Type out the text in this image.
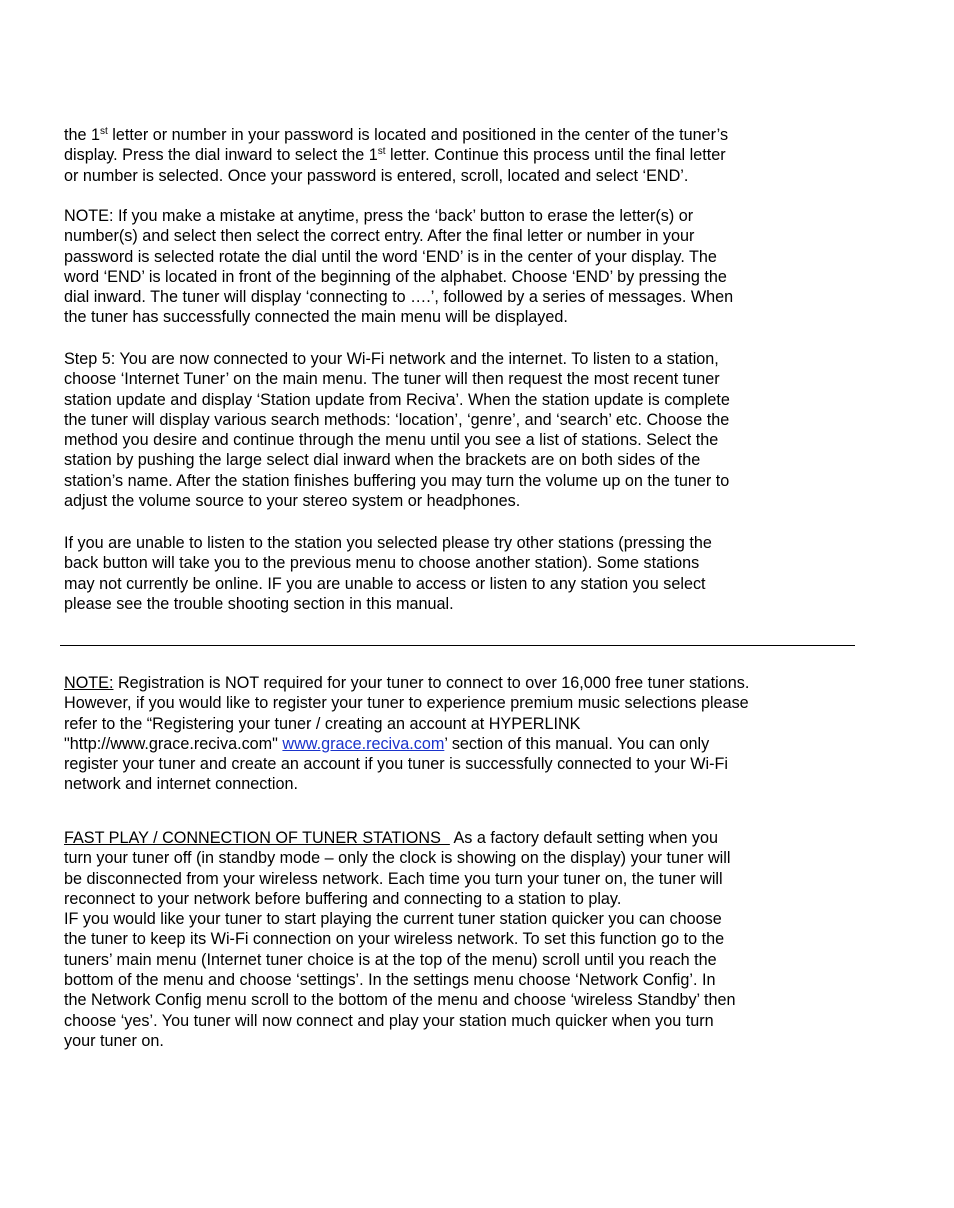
the 1st letter or number in your password is located and positioned in the center of the tuner’s
display. Press the dial inward to select the 1st letter. Continue this process until the final letter
or number is selected. Once your password is entered, scroll, located and select ‘END’.
NOTE: If you make a mistake at anytime, press the ‘back’ button to erase the letter(s) or
number(s) and select then select the correct entry. After the final letter or number in your
password is selected rotate the dial until the word ‘END’ is in the center of your display. The
word ‘END’ is located in front of the beginning of the alphabet. Choose ‘END’ by pressing the
dial inward. The tuner will display ‘connecting to ….’, followed by a series of messages. When
the tuner has successfully connected the main menu will be displayed.
Step 5: You are now connected to your Wi-Fi network and the internet. To listen to a station,
choose ‘Internet Tuner’ on the main menu. The tuner will then request the most recent tuner
station update and display ‘Station update from Reciva’. When the station update is complete
the tuner will display various search methods: ‘location’, ‘genre’, and ‘search’ etc. Choose the
method you desire and continue through the menu until you see a list of stations. Select the
station by pushing the large select dial inward when the brackets are on both sides of the
station’s name. After the station finishes buffering you may turn the volume up on the tuner to
adjust the volume source to your stereo system or headphones.
If you are unable to listen to the station you selected please try other stations (pressing the
back button will take you to the previous menu to choose another station). Some stations
may not currently be online. IF you are unable to access or listen to any station you select
please see the trouble shooting section in this manual.
NOTE: Registration is NOT required for your tuner to connect to over 16,000 free tuner stations.
However, if you would like to register your tuner to experience premium music selections please
refer to the “Registering your tuner / creating an account at HYPERLINK
"http://www.grace.reciva.com" www.grace.reciva.com’ section of this manual. You can only
register your tuner and create an account if you tuner is successfully connected to your Wi-Fi
network and internet connection.
FAST PLAY / CONNECTION OF TUNER STATIONS   As a factory default setting when you
turn your tuner off (in standby mode – only the clock is showing on the display) your tuner will
be disconnected from your wireless network. Each time you turn your tuner on, the tuner will
reconnect to your network before buffering and connecting to a station to play.
IF you would like your tuner to start playing the current tuner station quicker you can choose
the tuner to keep its Wi-Fi connection on your wireless network. To set this function go to the
tuners’ main menu (Internet tuner choice is at the top of the menu) scroll until you reach the
bottom of the menu and choose ‘settings’. In the settings menu choose ‘Network Config’. In
the Network Config menu scroll to the bottom of the menu and choose ‘wireless Standby’ then
choose ‘yes’. You tuner will now connect and play your station much quicker when you turn
your tuner on.
